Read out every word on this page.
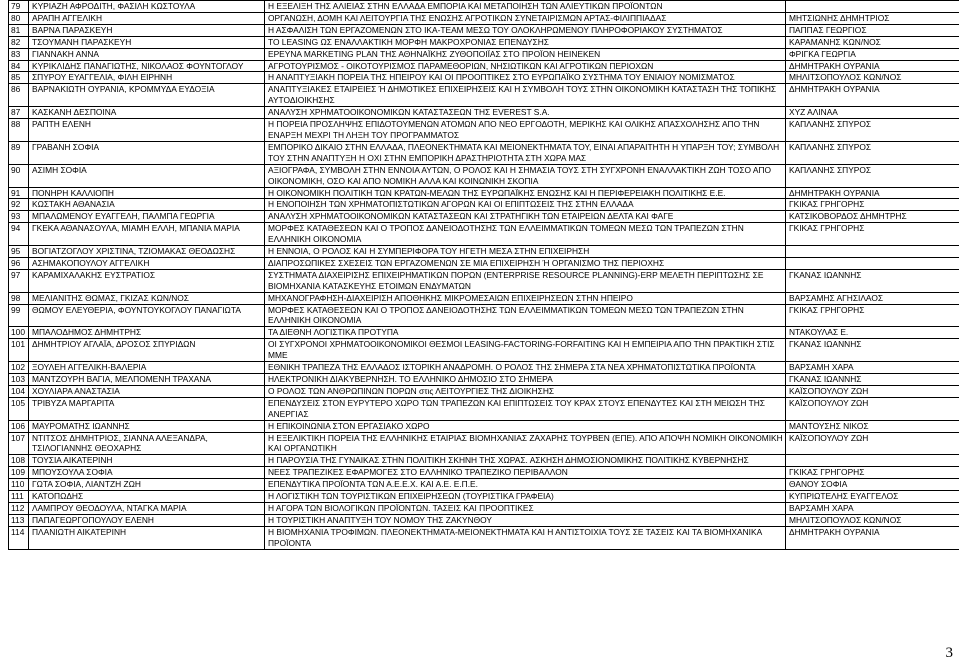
79	ΚΥΡΙΑΖΗ ΑΦΡΟΔΙΤΗ, ΦΑΣΙΛΗ ΚΩΣΤΟΥΛΑ	Η ΕΞΕΛΙΞΗ ΤΗΣ ΑΛΙΕΙΑΣ ΣΤΗΝ ΕΛΛΑΔΑ ΕΜΠΟΡΙΑ ΚΑΙ ΜΕΤΑΠΟΙΗΣΗ ΤΩΝ ΑΛΙΕΥΤΙΚΩΝ ΠΡΟΪΟΝΤΩΝ	
80	ΑΡΑΠΗ ΑΓΓΕΛΙΚΗ	ΟΡΓΑΝΩΣΗ, ΔΟΜΗ ΚΑΙ ΛΕΙΤΟΥΡΓΙΑ ΤΗΣ ΕΝΩΣΗΣ ΑΓΡΟΤΙΚΩΝ ΣΥΝΕΤΑΙΡΙΣΜΩΝ ΑΡΤΑΣ-ΦΙΛΙΠΠΙΑΔΑΣ	ΜΗΤΣΙΩΝΗΣ ΔΗΜΗΤΡΙΟΣ
81	ΒΑΡΝΑ ΠΑΡΑΣΚΕΥΗ	Η ΑΣΦΑΛΙΣΗ ΤΩΝ ΕΡΓΑΖΟΜΕΝΩΝ ΣΤΟ ΙΚΑ-TEAM ΜΕΣΩ ΤΟΥ ΟΛΟΚΛΗΡΩΜΕΝΟΥ ΠΛΗΡΟΦΟΡΙΑΚΟΥ ΣΥΣΤΗΜΑΤΟΣ	ΠΑΠΠΑΣ ΓΕΩΡΓΙΟΣ
82	ΤΣΟΥΜΑΝΗ ΠΑΡΑΣΚΕΥΗ	ΤΟ LEASING ΩΣ ΕΝΑΛΛΑΚΤΙΚΗ ΜΟΡΦΗ ΜΑΚΡΟΧΡΟΝΙΑΣ ΕΠΕΝΔΥΣΗΣ	ΚΑΡΑΜΑΝΗΣ ΚΩΝ/ΝΟΣ
83	ΓΙΑΝΝΑΚΗ ΑΝΝΑ	ΕΡΕΥΝΑ MARKETING PLAN ΤΗΣ ΑΘΗΝΑΪΚΗΣ ΖΥΘΟΠΟΙΪΑΣ ΣΤΟ ΠΡΟΪΟΝ HEINEKEN	ΦΡΙΓΚΑ ΓΕΩΡΓΙΑ
84	ΚΥΡΙΚΛΙΔΗΣ ΠΑΝΑΓΙΩΤΗΣ, ΝΙΚΟΛΑΟΣ ΦΟΥΝΤΟΓΛΟΥ	ΑΓΡΟΤΟΥΡΙΣΜΟΣ - ΟΙΚΟΤΟΥΡΙΣΜΟΣ ΠΑΡΑΜΕΘΟΡΙΩΝ, ΝΗΣΙΩΤΙΚΩΝ ΚΑΙ ΑΓΡΟΤΙΚΩΝ ΠΕΡΙΟΧΩΝ	ΔΗΜΗΤΡΑΚΗ ΟΥΡΑΝΙΑ
85	ΣΠΥΡΟΥ ΕΥΑΓΓΕΛΙΑ, ΦΙΛΗ ΕΙΡΗΝΗ	Η ΑΝΑΠΤΥΞΙΑΚΗ ΠΟΡΕΙΑ ΤΗΣ ΗΠΕΙΡΟΥ ΚΑΙ ΟΙ ΠΡΟΟΠΤΙΚΕΣ ΣΤΟ ΕΥΡΩΠΑΪΚΟ ΣΥΣΤΗΜΑ ΤΟΥ ΕΝΙΑΙΟΥ ΝΟΜΙΣΜΑΤΟΣ	ΜΗΛΙΤΣΟΠΟΥΛΟΣ ΚΩΝ/ΝΟΣ
86	ΒΑΡΝΑΚΙΩΤΗ ΟΥΡΑΝΙΑ, ΚΡΟΜΜΥΔΑ ΕΥΔΟΞΙΑ	ΑΝΑΠΤΥΞΙΑΚΕΣ ΕΤΑΙΡΕΙΕΣ Ή ΔΗΜΟΤΙΚΕΣ ΕΠΙΧΕΙΡΗΣΕΙΣ ΚΑΙ Η ΣΥΜΒΟΛΗ ΤΟΥΣ ΣΤΗΝ ΟΙΚΟΝΟΜΙΚΗ ΚΑΤΑΣΤΑΣΗ ΤΗΣ ΤΟΠΙΚΗΣ ΑΥΤΟΔΙΟΙΚΗΣΗΣ	ΔΗΜΗΤΡΑΚΗ ΟΥΡΑΝΙΑ
87	ΚΑΣΚΑΝΗ ΔΕΣΠΟΙΝΑ	ΑΝΑΛΥΣΗ ΧΡΗΜΑΤΟΟΙΚΟΝΟΜΙΚΩΝ ΚΑΤΑΣΤΑΣΕΩΝ ΤΗΣ EVEREST S.A.	ΧΥΖ ΑΛΙΝΑΑ
88	ΡΑΠΤΗ ΕΛΕΝΗ	Η ΠΟΡΕΙΑ ΠΡΟΣΛΗΨΗΣ ΕΠΙΔΟΤΟΥΜΕΝΩΝ ΑΤΟΜΩΝ ΑΠΟ ΝΕΟ ΕΡΓΟΔΟΤΗ, ΜΕΡΙΚΗΣ ΚΑΙ ΟΛΙΚΗΣ ΑΠΑΣΧΟΛΗΣΗΣ ΑΠΟ ΤΗΝ ΕΝΑΡΞΗ ΜΕΧΡΙ ΤΗ ΛΗΞΗ ΤΟΥ ΠΡΟΓΡΑΜΜΑΤΟΣ	ΚΑΠΛΑΝΗΣ ΣΠΥΡΟΣ
89	ΓΡΑΒΑΝΗ ΣΟΦΙΑ	ΕΜΠΟΡΙΚΟ ΔΙΚΑΙΟ ΣΤΗΝ ΕΛΛΑΔΑ, ΠΛΕΟΝΕΚΤΗΜΑΤΑ ΚΑΙ ΜΕΙΟΝΕΚΤΗΜΑΤΑ ΤΟΥ, ΕΙΝΑΙ ΑΠΑΡΑΙΤΗΤΗ Η ΥΠΑΡΞΗ ΤΟΥ; ΣΥΜΒΟΛΗ ΤΟΥ ΣΤΗΝ ΑΝΑΠΤΥΞΗ Η ΟΧΙ ΣΤΗΝ ΕΜΠΟΡΙΚΗ ΔΡΑΣΤΗΡΙΟΤΗΤΑ ΣΤΗ ΧΩΡΑ ΜΑΣ	ΚΑΠΛΑΝΗΣ ΣΠΥΡΟΣ
90	ΑΣΙΜΗ ΣΟΦΙΑ	ΑΞΙΟΓΡΑΦΑ, ΣΥΜΒΟΛΗ ΣΤΗΝ ΕΝΝΟΙΑ ΑΥΤΩΝ, Ο ΡΟΛΟΣ ΚΑΙ Η ΣΗΜΑΣΙΑ ΤΟΥΣ ΣΤΗ ΣΥΓΧΡΟΝΗ ΕΝΑΛΛΑΚΤΙΚΗ ΖΩΗ ΤΟΣΟ ΑΠΟ ΟΙΚΟΝΟΜΙΚΗ, ΟΣΟ ΚΑΙ ΑΠΟ ΝΟΜΙΚΗ ΑΛΛΑ ΚΑΙ ΚΟΙΝΩΝΙΚΗ ΣΚΟΠΙΑ	ΚΑΠΛΑΝΗΣ ΣΠΥΡΟΣ
91	ΠΟΝΗΡΗ ΚΑΛΛΙΟΠΗ	Η ΟΙΚΟΝΟΜΙΚΗ ΠΟΛΙΤΙΚΗ ΤΩΝ ΚΡΑΤΩΝ-ΜΕΛΩΝ ΤΗΣ ΕΥΡΩΠΑΪΚΗΣ ΕΝΩΣΗΣ ΚΑΙ Η ΠΕΡΙΦΕΡΕΙΑΚΗ ΠΟΛΙΤΙΚΗΣ Ε.Ε.	ΔΗΜΗΤΡΑΚΗ ΟΥΡΑΝΙΑ
92	ΚΩΣΤΑΚΗ ΑΘΑΝΑΣΙΑ	Η ΕΝΟΠΟΙΗΣΗ ΤΩΝ ΧΡΗΜΑΤΟΠΙΣΤΩΤΙΚΩΝ ΑΓΟΡΩΝ ΚΑΙ ΟΙ ΕΠΙΠΤΩΣΕΙΣ ΤΗΣ ΣΤΗΝ ΕΛΛΑΔΑ	ΓΚΙΚΑΣ ΓΡΗΓΟΡΗΣ
93	ΜΠΑΛΩΜΕΝΟΥ ΕΥΑΓΓΕΛΗ, ΠΑΛΜΠΑ ΓΕΩΡΓΙΑ	ΑΝΑΛΥΣΗ ΧΡΗΜΑΤΟΟΙΚΟΝΟΜΙΚΩΝ ΚΑΤΑΣΤΑΣΕΩΝ ΚΑΙ ΣΤΡΑΤΗΓΙΚΗ ΤΩΝ ΕΤΑΙΡΕΙΩΝ ΔΕΛΤΑ ΚΑΙ ΦΑΓΕ	ΚΑΤΣΙΚΟΒΟΡΔΟΣ ΔΗΜΗΤΡΗΣ
94	ΓΚΕΚΑ ΑΘΑΝΑΣΟΥΛΑ, ΜΙΑΜΗ ΕΛΛΗ, ΜΠΑΝΙΑ ΜΑΡΙΑ	ΜΟΡΦΕΣ ΚΑΤΑΘΕΣΕΩΝ ΚΑΙ Ο ΤΡΟΠΟΣ ΔΑΝΕΙΟΔΟΤΗΣΗΣ ΤΩΝ ΕΛΛΕΙΜΜΑΤΙΚΩΝ ΤΟΜΕΩΝ ΜΕΣΩ ΤΩΝ ΤΡΑΠΕΖΩΝ ΣΤΗΝ ΕΛΛΗΝΙΚΗ ΟΙΚΟΝΟΜΙΑ	ΓΚΙΚΑΣ ΓΡΗΓΟΡΗΣ
95	ΒΟΓΙΑΤΖΟΓΛΟΥ ΧΡΙΣΤΙΝΑ, ΤΖΙΟΜΑΚΑΣ ΘΕΟΔΩΣΗΣ	Η ΕΝΝΟΙΑ, Ο ΡΟΛΟΣ ΚΑΙ Η ΣΥΜΠΕΡΙΦΟΡΑ ΤΟΥ ΗΓΕΤΗ ΜΕΣΑ ΣΤΗΝ ΕΠΙΧΕΙΡΗΣΗ	
96	ΑΣΗΜΑΚΟΠΟΥΛΟΥ ΑΓΓΕΛΙΚΗ	ΔΙΑΠΡΟΣΩΠΙΚΕΣ ΣΧΕΣΕΙΣ ΤΩΝ ΕΡΓΑΖΟΜΕΝΩΝ ΣΕ ΜΙΑ ΕΠΙΧΕΙΡΗΣΗ Ή ΟΡΓΑΝΙΣΜΟ ΤΗΣ ΠΕΡΙΟΧΗΣ	
97	ΚΑΡΑΜΙΧΑΛΑΚΗΣ ΕΥΣΤΡΑΤΙΟΣ	ΣΥΣΤΗΜΑΤΑ ΔΙΑΧΕΙΡΙΣΗΣ ΕΠΙΧΕΙΡΗΜΑΤΙΚΩΝ ΠΟΡΩΝ (ENTERPRISE RESOURCE PLANNING)-ERP ΜΕΛΕΤΗ ΠΕΡΙΠΤΩΣΗΣ ΣΕ ΒΙΟΜΗΧΑΝΙΑ ΚΑΤΑΣΚΕΥΗΣ ΕΤΟΙΜΩΝ ΕΝΔΥΜΑΤΩΝ	ΓΚΑΝΑΣ ΙΩΑΝΝΗΣ
98	ΜΕΛΙΑΝΙΤΗΣ ΘΩΜΑΣ, ΓΚΙΖΑΣ ΚΩΝ/ΝΟΣ	ΜΗΧΑΝΟΓΡΑΦΗΣΗ-ΔΙΑΧΕΙΡΙΣΗ ΑΠΟΘΗΚΗΣ ΜΙΚΡΟΜΕΣΑΙΩΝ ΕΠΙΧΕΙΡΗΣΕΩΝ ΣΤΗΝ ΗΠΕΙΡΟ	ΒΑΡΣΑΜΗΣ ΑΓΗΣΙΛΑΟΣ
99	ΘΩΜΟΥ ΕΛΕΥΘΕΡΙΑ, ΦΟΥΝΤΟΥΚΟΓΛΟΥ ΠΑΝΑΓΙΩΤΑ	ΜΟΡΦΕΣ ΚΑΤΑΘΕΣΕΩΝ ΚΑΙ Ο ΤΡΟΠΟΣ ΔΑΝΕΙΟΔΟΤΗΣΗΣ ΤΩΝ ΕΛΛΕΙΜΜΑΤΙΚΩΝ ΤΟΜΕΩΝ ΜΕΣΩ ΤΩΝ ΤΡΑΠΕΖΩΝ ΣΤΗΝ ΕΛΛΗΝΙΚΗ ΟΙΚΟΝΟΜΙΑ	ΓΚΙΚΑΣ ΓΡΗΓΟΡΗΣ
100	ΜΠΑΛΟΔΗΜΟΣ ΔΗΜΗΤΡΗΣ	ΤΑ ΔΙΕΘΝΗ ΛΟΓΙΣΤΙΚΑ ΠΡΟΤΥΠΑ	ΝΤΑΚΟΥΛΑΣ Ε.
101	ΔΗΜΗΤΡΙΟΥ ΑΓΛΑΪΑ, ΔΡΟΣΟΣ ΣΠΥΡΙΔΩΝ	ΟΙ ΣΥΓΧΡΟΝΟΙ ΧΡΗΜΑΤΟΟΙΚΟΝΟΜΙΚΟΙ ΘΕΣΜΟΙ LEASING-FACTORING-FORFAITING ΚΑΙ Η ΕΜΠΕΙΡΙΑ ΑΠΟ ΤΗΝ ΠΡΑΚΤΙΚΗ ΣΤΙΣ ΜΜΕ	ΓΚΑΝΑΣ ΙΩΑΝΝΗΣ
102	ΞΟΥΛΕΗ ΑΓΓΕΛΙΚΗ-ΒΑΛΕΡΙΑ	ΕΘΝΙΚΗ ΤΡΑΠΕΖΑ ΤΗΣ ΕΛΛΑΔΟΣ ΙΣΤΟΡΙΚΗ ΑΝΑΔΡΟΜΗ. Ο ΡΟΛΟΣ ΤΗΣ ΣΗΜΕΡΑ ΣΤΑ ΝΕΑ ΧΡΗΜΑΤΟΠΙΣΤΩΤΙΚΑ ΠΡΟΪΟΝΤΑ	ΒΑΡΣΑΜΗ ΧΑΡΑ
103	ΜΑΝΤΖΟΥΡΗ ΒΑΓΙΑ, ΜΕΛΠΟΜΕΝΗ ΤΡΑΧΑΝΑ	ΗΛΕΚΤΡΟΝΙΚΗ ΔΙΑΚΥΒΕΡΝΗΣΗ. ΤΟ ΕΛΛΗΝΙΚΟ ΔΗΜΟΣΙΟ ΣΤΟ ΣΗΜΕΡΑ	ΓΚΑΝΑΣ ΙΩΑΝΝΗΣ
104	ΧΟΥΛΙΑΡΑ ΑΝΑΣΤΑΣΙΑ	Ο ΡΟΛΟΣ ΤΩΝ ΑΝΘΡΩΠΙΝΩΝ ΠΟΡΩΝ στις ΛΕΙΤΟΥΡΓΙΕΣ ΤΗΣ ΔΙΟΙΚΗΣΗΣ	ΚΑΪΣΟΠΟΥΛΟΥ ΖΩΗ
105	ΤΡΙΒΥΖΑ ΜΑΡΓΑΡΙΤΑ	ΕΠΕΝΔΥΣΕΙΣ ΣΤΟΝ ΕΥΡΥΤΕΡΟ ΧΩΡΟ ΤΩΝ ΤΡΑΠΕΖΩΝ ΚΑΙ ΕΠΙΠΤΩΣΕΙΣ ΤΟΥ ΚΡΑΧ ΣΤΟΥΣ ΕΠΕΝΔΥΤΕΣ ΚΑΙ ΣΤΗ ΜΕΙΩΣΗ ΤΗΣ ΑΝΕΡΓΙΑΣ	ΚΑΪΣΟΠΟΥΛΟΥ ΖΩΗ
106	ΜΑΥΡΟΜΑΤΗΣ ΙΩΑΝΝΗΣ	Η ΕΠΙΚΟΙΝΩΝΙΑ ΣΤΟΝ ΕΡΓΑΣΙΑΚΟ ΧΩΡΟ	ΜΑΝΤΟΥΣΗΣ ΝΙΚΟΣ
107	ΝΤΙΤΣΟΣ ΔΗΜΗΤΡΙΟΣ, ΣΙΑΝΝΑ ΑΛΕΞΑΝΔΡΑ, ΤΣΙΛΟΓΙΑΝΝΗΣ ΘΕΟΧΑΡΗΣ	Η ΕΞΕΛΙΚΤΙΚΗ ΠΟΡΕΙΑ ΤΗΣ ΕΛΛΗΝΙΚΗΣ ΕΤΑΙΡΙΑΣ ΒΙΟΜΗΧΑΝΙΑΣ ΖΑΧΑΡΗΣ ΤΟΥΡΒΕΝ (ΕΠΕ). ΑΠΟ ΑΠΟΨΗ ΝΟΜΙΚΗ ΟΙΚΟΝΟΜΙΚΗ ΚΑΙ ΟΡΓΑΝΩΤΙΚΗ	ΚΑΪΣΟΠΟΥΛΟΥ ΖΩΗ
108	ΤΟΥΣΙΑ ΑΙΚΑΤΕΡΙΝΗ	Η ΠΑΡΟΥΣΙΑ ΤΗΣ ΓΥΝΑΙΚΑΣ ΣΤΗΝ ΠΟΛΙΤΙΚΗ ΣΚΗΝΗ ΤΗΣ ΧΩΡΑΣ. ΑΣΚΗΣΗ ΔΗΜΟΣΙΟΝΟΜΙΚΗΣ ΠΟΛΙΤΙΚΗΣ ΚΥΒΕΡΝΗΣΗΣ	
109	ΜΠΟΥΣΟΥΛΑ ΣΟΦΙΑ	ΝΕΕΣ ΤΡΑΠΕΖΙΚΕΣ ΕΦΑΡΜΟΓΕΣ ΣΤΟ ΕΛΛΗΝΙΚΟ ΤΡΑΠΕΖΙΚΟ ΠΕΡΙΒΑΛΛΟΝ	ΓΚΙΚΑΣ ΓΡΗΓΟΡΗΣ
110	ΓΩΤΑ ΣΟΦΙΑ, ΛΙΑΝΤΖΗ ΖΩΗ	ΕΠΕΝΔΥΤΙΚΑ ΠΡΟΪΟΝΤΑ ΤΩΝ Α.Ε.Ε.Χ. ΚΑΙ Α.Ε. Ε.Π.Ε.	ΘΑΝΟΥ ΣΟΦΙΑ
111	ΚΑΤΟΠΩΔΗΣ	Η ΛΟΓΙΣΤΙΚΗ ΤΩΝ ΤΟΥΡΙΣΤΙΚΩΝ ΕΠΙΧΕΙΡΗΣΕΩΝ (ΤΟΥΡΙΣΤΙΚΑ ΓΡΑΦΕΙΑ)	ΚΥΠΡΙΩΤΕΛΗΣ ΕΥΑΓΓΕΛΟΣ
112	ΛΑΜΠΡΟΥ ΘΕΟΔΟΥΛΑ, ΝΤΑΓΚΑ ΜΑΡΙΑ	Η ΑΓΟΡΑ ΤΩΝ ΒΙΟΛΟΓΙΚΩΝ ΠΡΟΪΟΝΤΩΝ. ΤΑΣΕΙΣ ΚΑΙ ΠΡΟΟΠΤΙΚΕΣ	ΒΑΡΣΑΜΗ ΧΑΡΑ
113	ΠΑΠΑΓΕΩΡΓΟΠΟΥΛΟΥ ΕΛΕΝΗ	Η ΤΟΥΡΙΣΤΙΚΗ ΑΝΑΠΤΥΞΗ ΤΟΥ ΝΟΜΟΥ ΤΗΣ ΖΑΚΥΝΘΟΥ	ΜΗΛΙΤΣΟΠΟΥΛΟΣ ΚΩΝ/ΝΟΣ
114	ΠΛΑΝΙΩΤΗ ΑΙΚΑΤΕΡΙΝΗ	Η ΒΙΟΜΗΧΑΝΙΑ ΤΡΟΦΙΜΩΝ. ΠΛΕΟΝΕΚΤΗΜΑΤΑ-ΜΕΙΟΝΕΚΤΗΜΑΤΑ ΚΑΙ Η ΑΝΤΙΣΤΟΙΧΙΑ ΤΟΥΣ ΣΕ ΤΑΣΕΙΣ ΚΑΙ ΤΑ ΒΙΟΜΗΧΑΝΙΚΑ ΠΡΟΪΟΝΤΑ	ΔΗΜΗΤΡΑΚΗ ΟΥΡΑΝΙΑ
3
